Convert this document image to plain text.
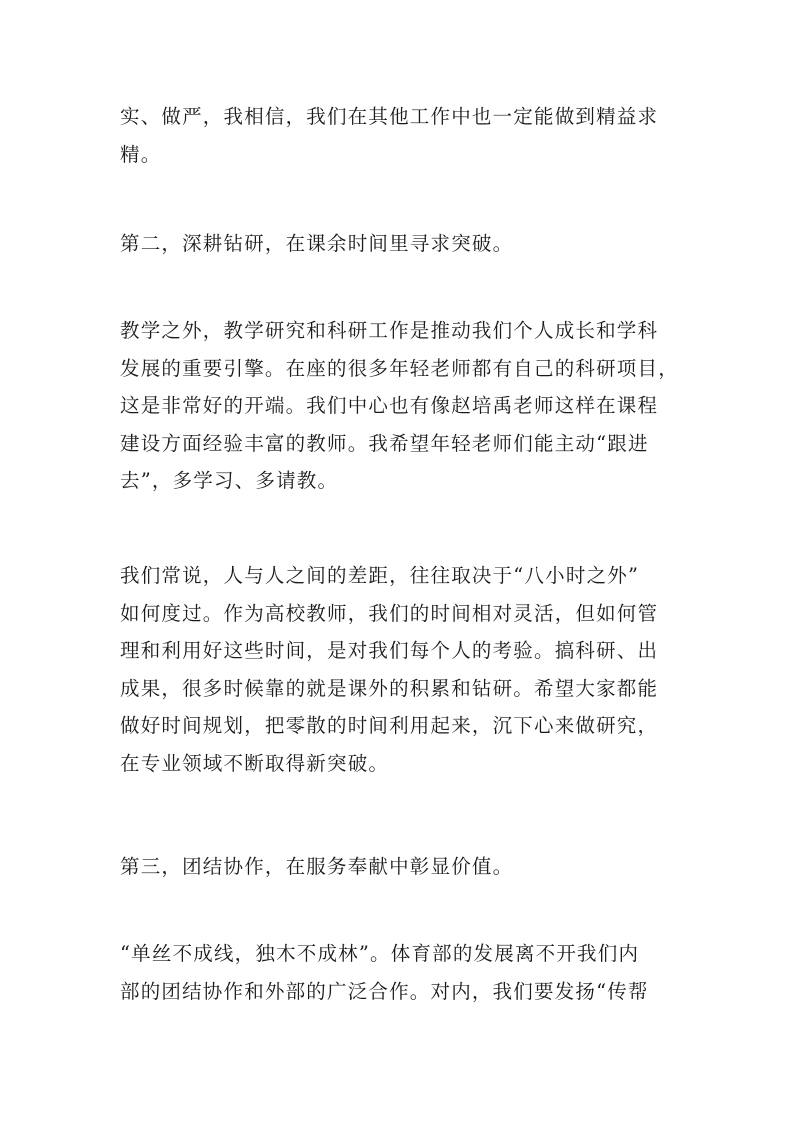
实、做严，我相信，我们在其他工作中也一定能做到精益求
精。

第二，深耕钻研，在课余时间里寻求突破。

教学之外，教学研究和科研工作是推动我们个人成长和学科
发展的重要引擎。在座的很多年轻老师都有自己的科研项目，
这是非常好的开端。我们中心也有像赵培禹老师这样在课程
建设方面经验丰富的教师。我希望年轻老师们能主动“跟进
去”，多学习、多请教。

我们常说，人与人之间的差距，往往取决于“八小时之外”
如何度过。作为高校教师，我们的时间相对灵活，但如何管
理和利用好这些时间，是对我们每个人的考验。搞科研、出
成果，很多时候靠的就是课外的积累和钻研。希望大家都能
做好时间规划，把零散的时间利用起来，沉下心来做研究，
在专业领域不断取得新突破。

第三，团结协作，在服务奉献中彰显价值。

“单丝不成线，独木不成林”。体育部的发展离不开我们内
部的团结协作和外部的广泛合作。对内，我们要发扬“传帮
